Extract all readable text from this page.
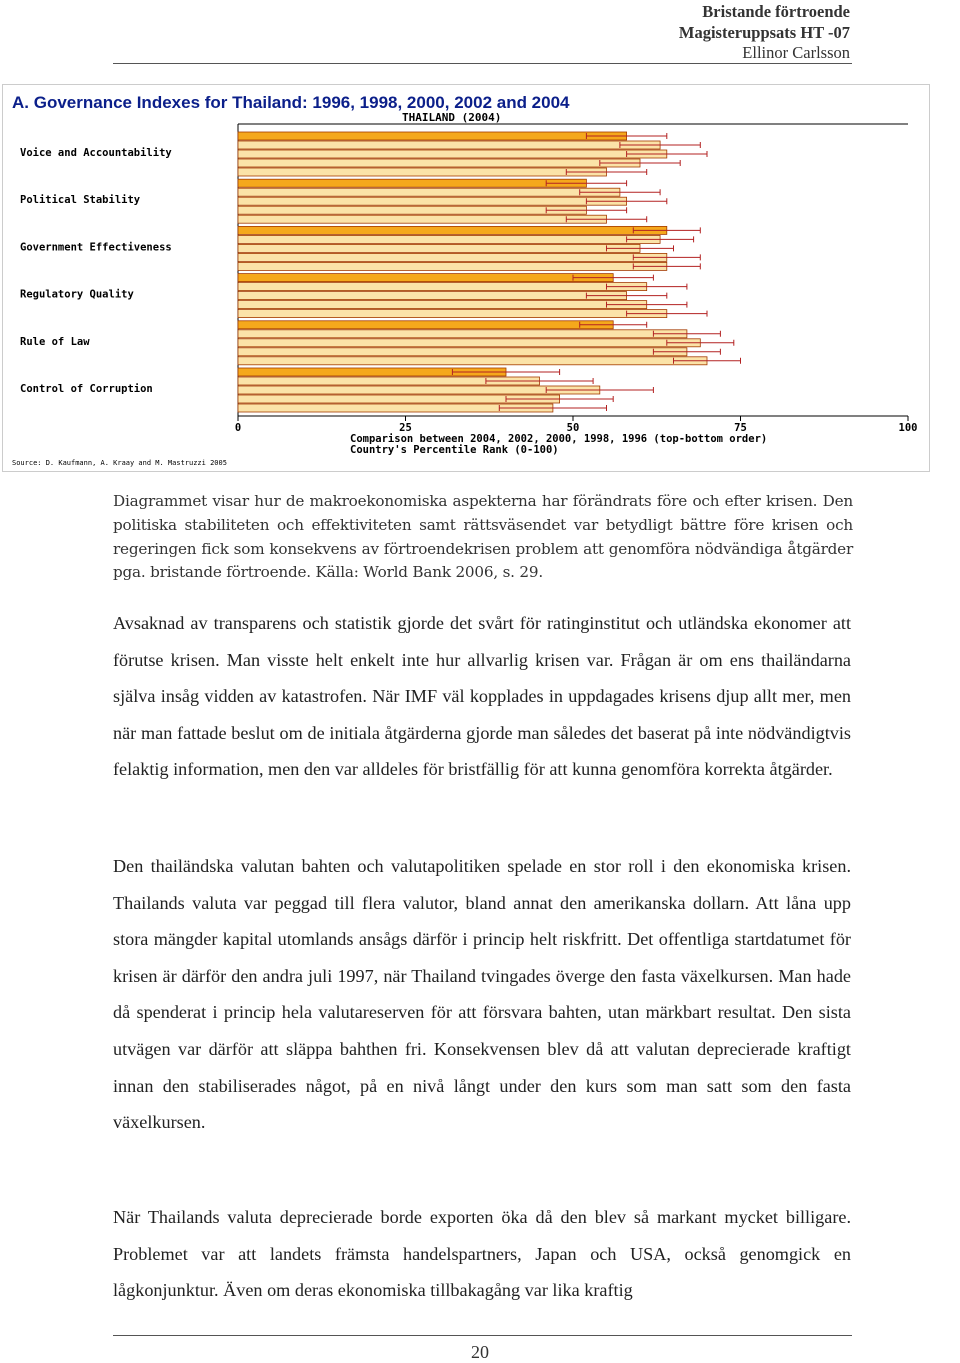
Bristande förtroende
Magisteruppsats HT -07
Ellinor Carlsson
A. Governance Indexes for Thailand: 1996, 1998, 2000, 2002 and 2004
THAILAND (2004)
Voice and Accountability
Political Stability
Government Effectiveness
Regulatory Quality
Rule of Law
Control of Corruption
0	25	50	75	100
Comparison between 2004, 2002, 2000, 1998, 1996 (top-bottom order)
Country's Percentile Rank (0-100)
Source: D. Kaufmann, A. Kraay and M. Mastruzzi 2005
Diagrammet visar hur de makroekonomiska aspekterna har förändrats före och efter krisen. Den politiska stabiliteten och effektiviteten samt rättsväsendet var betydligt bättre före krisen och regeringen fick som konsekvens av förtroendekrisen problem att genomföra nödvändiga åtgärder pga. bristande förtroende. Källa: World Bank 2006, s. 29.
Avsaknad av transparens och statistik gjorde det svårt för ratinginstitut och utländska ekonomer att förutse krisen. Man visste helt enkelt inte hur allvarlig krisen var. Frågan är om ens thailändarna själva insåg vidden av katastrofen. När IMF väl kopplades in uppdagades krisens djup allt mer, men när man fattade beslut om de initiala åtgärderna gjorde man således det baserat på inte nödvändigtvis felaktig information, men den var alldeles för bristfällig för att kunna genomföra korrekta åtgärder.
Den thailändska valutan bahten och valutapolitiken spelade en stor roll i den ekonomiska krisen. Thailands valuta var peggad till flera valutor, bland annat den amerikanska dollarn. Att låna upp stora mängder kapital utomlands ansågs därför i princip helt riskfritt. Det offentliga startdatumet för krisen är därför den andra juli 1997, när Thailand tvingades överge den fasta växelkursen. Man hade då spenderat i princip hela valutareserven för att försvara bahten, utan märkbart resultat. Den sista utvägen var därför att släppa bahthen fri. Konsekvensen blev då att valutan deprecierade kraftigt innan den stabiliserades något, på en nivå långt under den kurs som man satt som den fasta växelkursen.
När Thailands valuta deprecierade borde exporten öka då den blev så markant mycket billigare. Problemet var att landets främsta handelspartners, Japan och USA, också genomgick en lågkonjunktur. Även om deras ekonomiska tillbakagång var lika kraftig
20
